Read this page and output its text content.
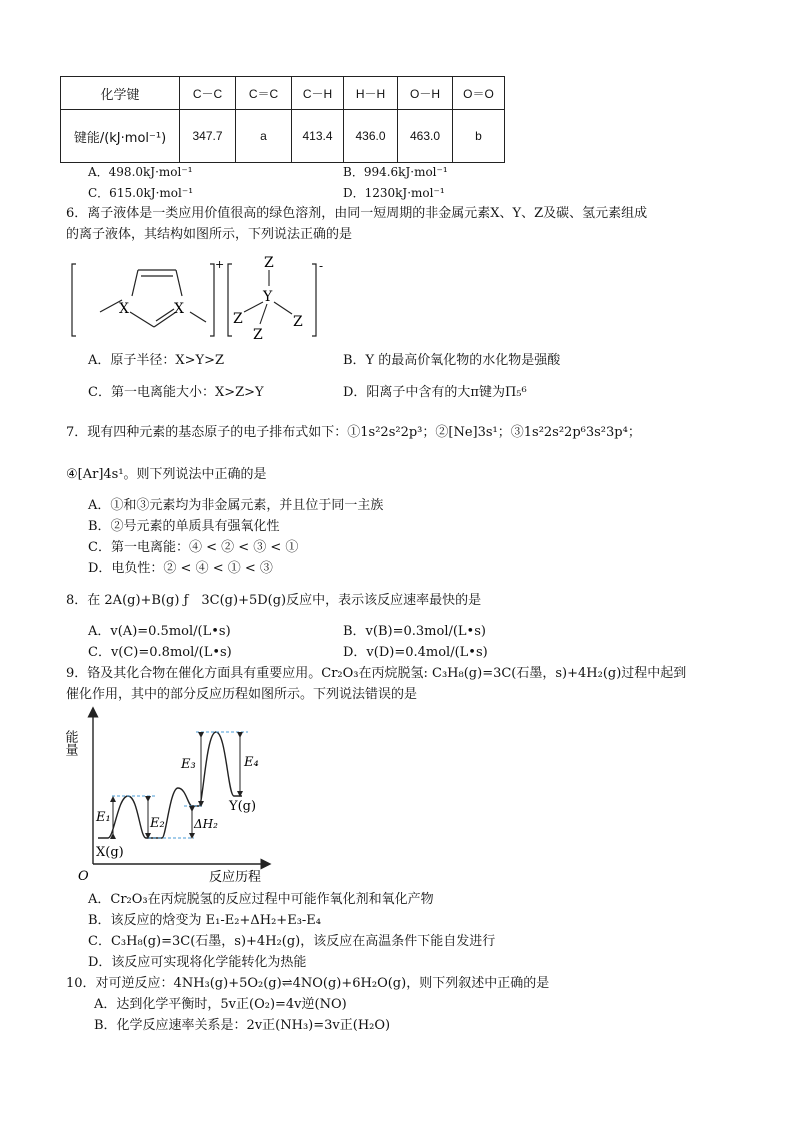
化学键	C－C	C＝C	C－H	H－H	O－H	O＝O
键能/(kJ·mol⁻¹)	347.7	a	413.4	436.0	463.0	b
A．498.0kJ·mol⁻¹	B．994.6kJ·mol⁻¹
C．615.0kJ·mol⁻¹	D．1230kJ·mol⁻¹
6．离子液体是一类应用价值很高的绿色溶剂，由同一短周期的非金属元素X、Y、Z及碳、氢元素组成
的离子液体，其结构如图所示，下列说法正确的是
X	X
+	Z
Y
Z	Z
Z
-
A．原子半径：X>Y>Z	B．Y 的最高价氧化物的水化物是强酸
C．第一电离能大小：X>Z>Y	D．阳离子中含有的大π键为Π₅⁶
7．现有四种元素的基态原子的电子排布式如下：①1s²2s²2p³；②[Ne]3s¹；③1s²2s²2p⁶3s²3p⁴；
④[Ar]4s¹。则下列说法中正确的是
A．①和③元素均为非金属元素，并且位于同一主族
B．②号元素的单质具有强氧化性
C．第一电离能：④ < ② < ③ < ①
D．电负性：② < ④ < ① < ③
8．在 2A(g)+B(g) ƒ　3C(g)+5D(g)反应中，表示该反应速率最快的是
A．v(A)=0.5mol/(L•s)	B．v(B)=0.3mol/(L•s)
C．v(C)=0.8mol/(L•s)	D．v(D)=0.4mol/(L•s)
9．铬及其化合物在催化方面具有重要应用。Cr₂O₃在丙烷脱氢: C₃H₈(g)=3C(石墨，s)+4H₂(g)过程中起到
催化作用，其中的部分反应历程如图所示。下列说法错误的是
能量
O	反应历程
E₁	E₂ ΔH₂
E₃	E₄
X(g)
Y(g)
A．Cr₂O₃在丙烷脱氢的反应过程中可能作氧化剂和氧化产物
B．该反应的焓变为 E₁-E₂+ΔH₂+E₃-E₄
C．C₃H₈(g)=3C(石墨，s)+4H₂(g)，该反应在高温条件下能自发进行
D．该反应可实现将化学能转化为热能
10．对可逆反应：4NH₃(g)+5O₂(g)⇌4NO(g)+6H₂O(g)，则下列叙述中正确的是
A．达到化学平衡时，5v正(O₂)=4v逆(NO)
B．化学反应速率关系是：2v正(NH₃)=3v正(H₂O)
